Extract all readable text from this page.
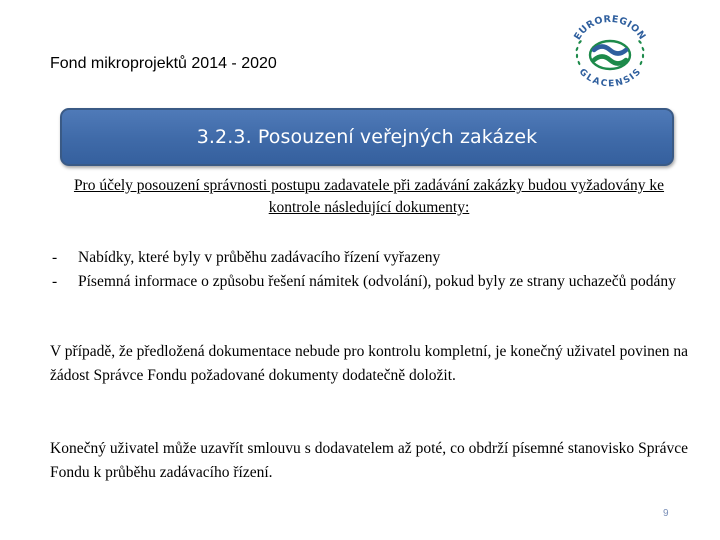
Fond mikroprojektů 2014 - 2020
EUROREGION
GLACENSIS
3.2.3. Posouzení veřejných zakázek
Pro účely posouzení správnosti postupu zadavatele při zadávání zakázky budou vyžadovány ke kontrole následující dokumenty:
- Nabídky, které byly v průběhu zadávacího řízení vyřazeny
- Písemná informace o způsobu řešení námitek (odvolání), pokud byly ze strany uchazečů podány

V případě, že předložená dokumentace nebude pro kontrolu kompletní, je konečný uživatel povinen na žádost Správce Fondu požadované dokumenty dodatečně doložit.

Konečný uživatel může uzavřít smlouvu s dodavatelem až poté, co obdrží písemné stanovisko Správce Fondu k průběhu zadávacího řízení.

9
